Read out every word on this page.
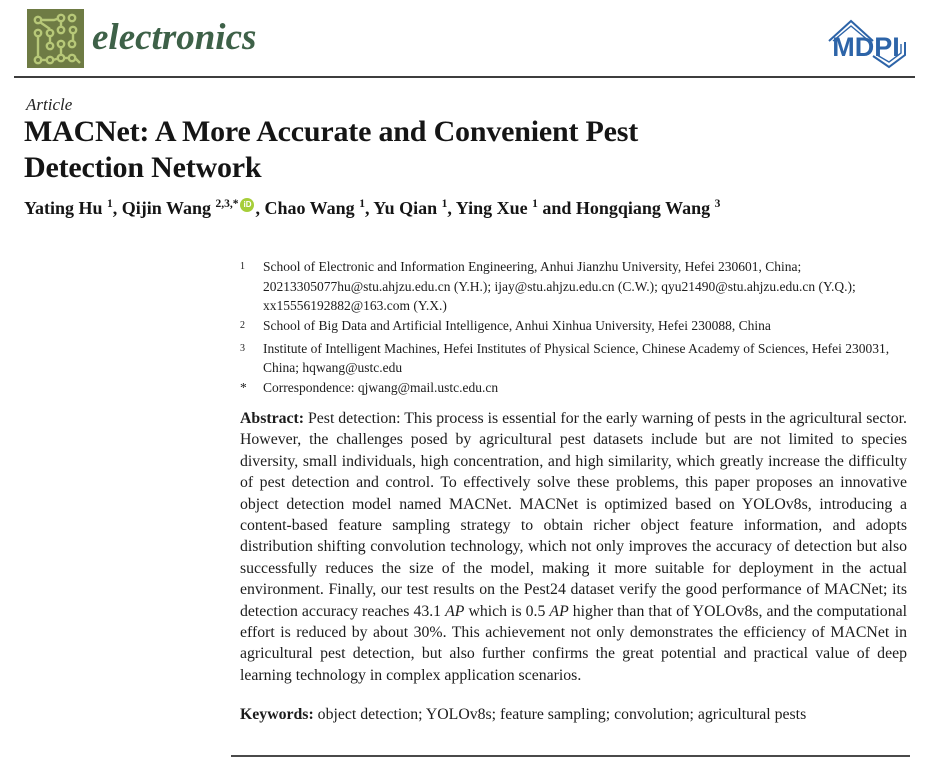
electronics	MDPI
Article
MACNet: A More Accurate and Convenient Pest Detection Network
Yating Hu $^1$, Qijin Wang $^{2,3,*}$ iD , Chao Wang $^1$, Yu Qian $^1$, Ying Xue $^1$ and Hongqiang Wang $^3$
$^1$	School of Electronic and Information Engineering, Anhui Jianzhu University, Hefei 230601, China; 20213305077hu@stu.ahjzu.edu.cn (Y.H.); ijay@stu.ahjzu.edu.cn (C.W.); qyu21490@stu.ahjzu.edu.cn (Y.Q.); xx15556192882@163.com (Y.X.)
$^2$	School of Big Data and Artificial Intelligence, Anhui Xinhua University, Hefei 230088, China
$^3$	Institute of Intelligent Machines, Hefei Institutes of Physical Science, Chinese Academy of Sciences, Hefei 230031, China; hqwang@ustc.edu
*	Correspondence: qjwang@mail.ustc.edu.cn

Abstract: Pest detection: This process is essential for the early warning of pests in the agricultural sector. However, the challenges posed by agricultural pest datasets include but are not limited to species diversity, small individuals, high concentration, and high similarity, which greatly increase the difficulty of pest detection and control. To effectively solve these problems, this paper proposes an innovative object detection model named MACNet. MACNet is optimized based on YOLOv8s, introducing a content-based feature sampling strategy to obtain richer object feature information, and adopts distribution shifting convolution technology, which not only improves the accuracy of detection but also successfully reduces the size of the model, making it more suitable for deployment in the actual environment. Finally, our test results on the Pest24 dataset verify the good performance of MACNet; its detection accuracy reaches 43.1 AP which is 0.5 AP higher than that of YOLOv8s, and the computational effort is reduced by about 30%. This achievement not only demonstrates the efficiency of MACNet in agricultural pest detection, but also further confirms the great potential and practical value of deep learning technology in complex application scenarios.

Keywords: object detection; YOLOv8s; feature sampling; convolution; agricultural pests
